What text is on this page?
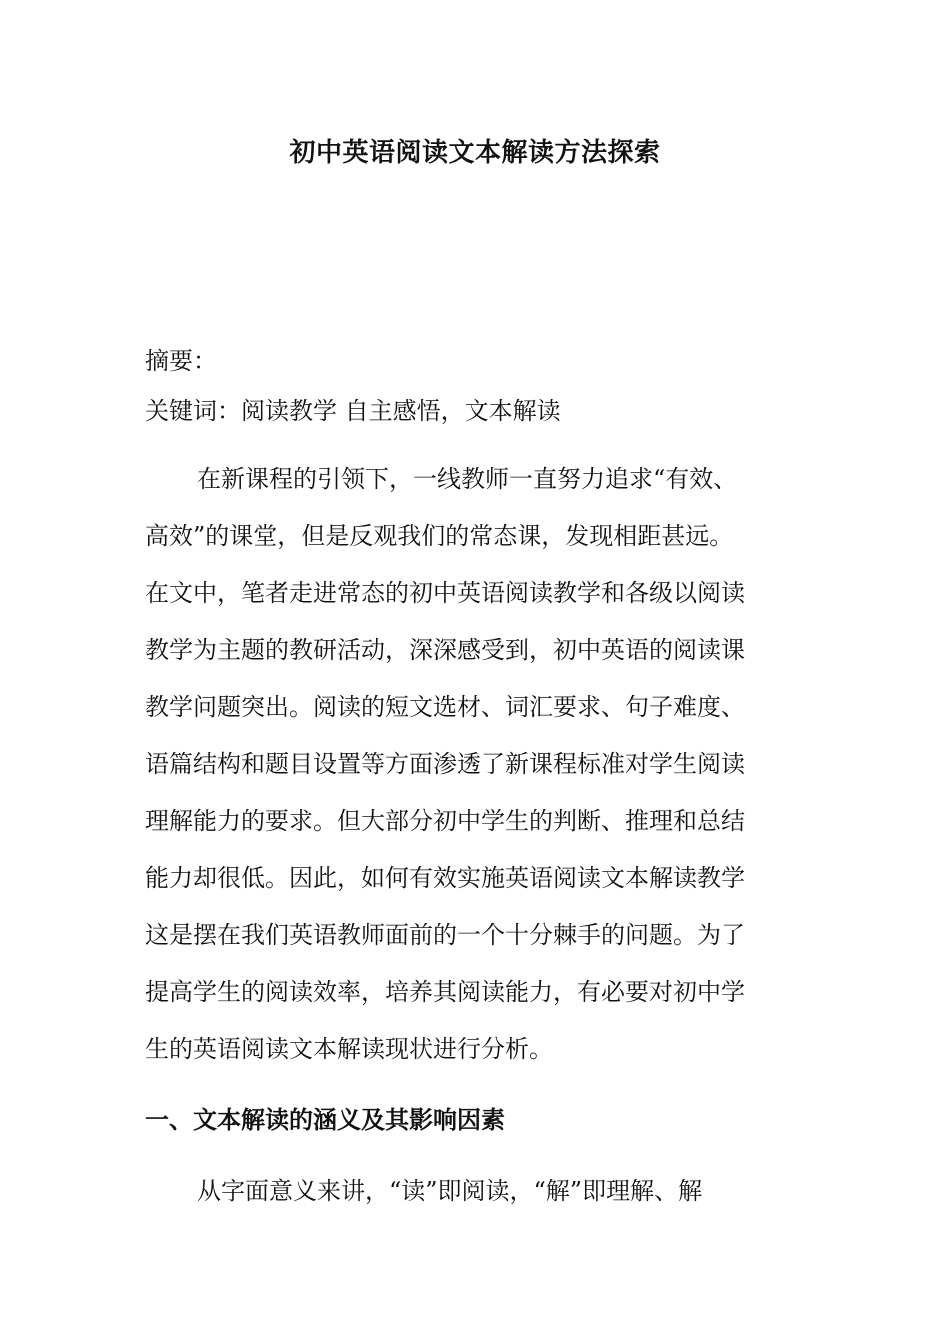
初中英语阅读文本解读方法探索
摘要：
关键词：阅读教学 自主感悟，文本解读
在新课程的引领下，一线教师一直努力追求“有效、
高效”的课堂，但是反观我们的常态课，发现相距甚远。
在文中，笔者走进常态的初中英语阅读教学和各级以阅读
教学为主题的教研活动，深深感受到，初中英语的阅读课
教学问题突出。阅读的短文选材、词汇要求、句子难度、
语篇结构和题目设置等方面渗透了新课程标准对学生阅读
理解能力的要求。但大部分初中学生的判断、推理和总结
能力却很低。因此，如何有效实施英语阅读文本解读教学
这是摆在我们英语教师面前的一个十分棘手的问题。为了
提高学生的阅读效率，培养其阅读能力，有必要对初中学
生的英语阅读文本解读现状进行分析。
一、文本解读的涵义及其影响因素
从字面意义来讲，“读”即阅读，“解”即理解、解
